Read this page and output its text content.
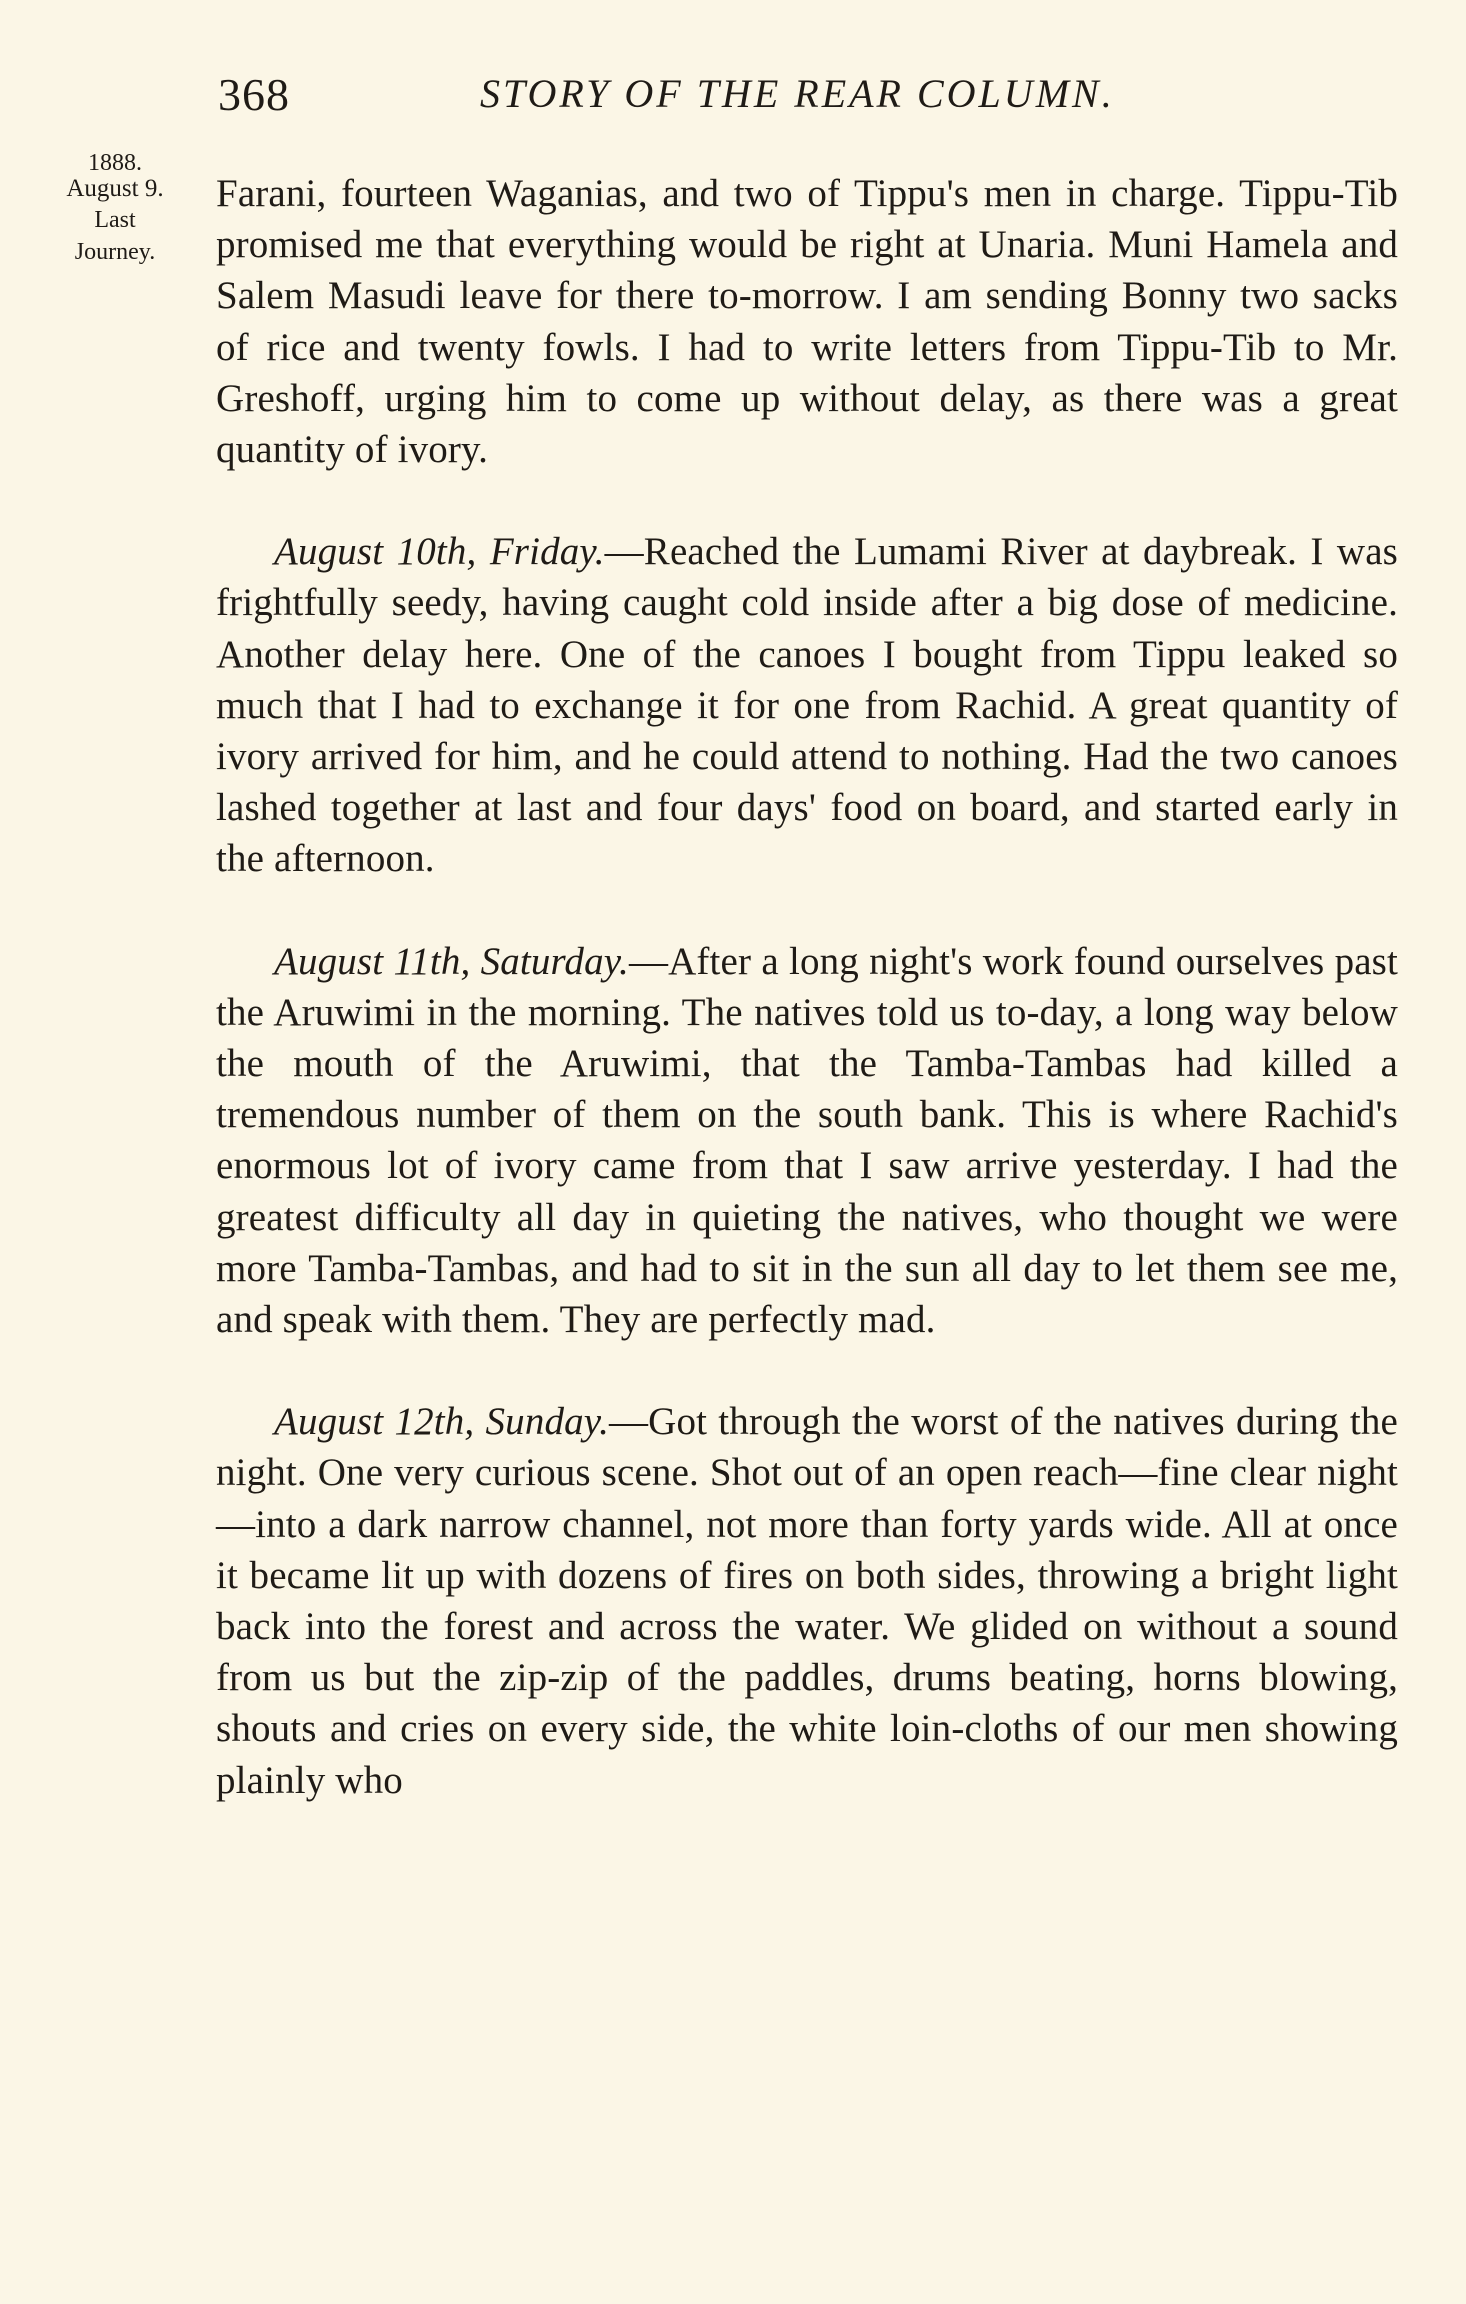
368	STORY OF THE REAR COLUMN.
1888.
August 9.
Last
Journey.

Farani, fourteen Waganias, and two of Tippu's men in charge. Tippu-Tib promised me that everything would be right at Unaria. Muni Hamela and Salem Masudi leave for there to-morrow. I am sending Bonny two sacks of rice and twenty fowls. I had to write letters from Tippu-Tib to Mr. Greshoff, urging him to come up without delay, as there was a great quantity of ivory.

August 10th, Friday.—Reached the Lumami River at daybreak. I was frightfully seedy, having caught cold inside after a big dose of medicine. Another delay here. One of the canoes I bought from Tippu leaked so much that I had to exchange it for one from Rachid. A great quantity of ivory arrived for him, and he could attend to nothing. Had the two canoes lashed together at last and four days' food on board, and started early in the afternoon.

August 11th, Saturday.—After a long night's work found ourselves past the Aruwimi in the morning. The natives told us to-day, a long way below the mouth of the Aruwimi, that the Tamba-Tambas had killed a tremendous number of them on the south bank. This is where Rachid's enormous lot of ivory came from that I saw arrive yesterday. I had the greatest difficulty all day in quieting the natives, who thought we were more Tamba-Tambas, and had to sit in the sun all day to let them see me, and speak with them. They are perfectly mad.

August 12th, Sunday.—Got through the worst of the natives during the night. One very curious scene. Shot out of an open reach—fine clear night—into a dark narrow channel, not more than forty yards wide. All at once it became lit up with dozens of fires on both sides, throwing a bright light back into the forest and across the water. We glided on without a sound from us but the zip-zip of the paddles, drums beating, horns blowing, shouts and cries on every side, the white loin-cloths of our men showing plainly who
